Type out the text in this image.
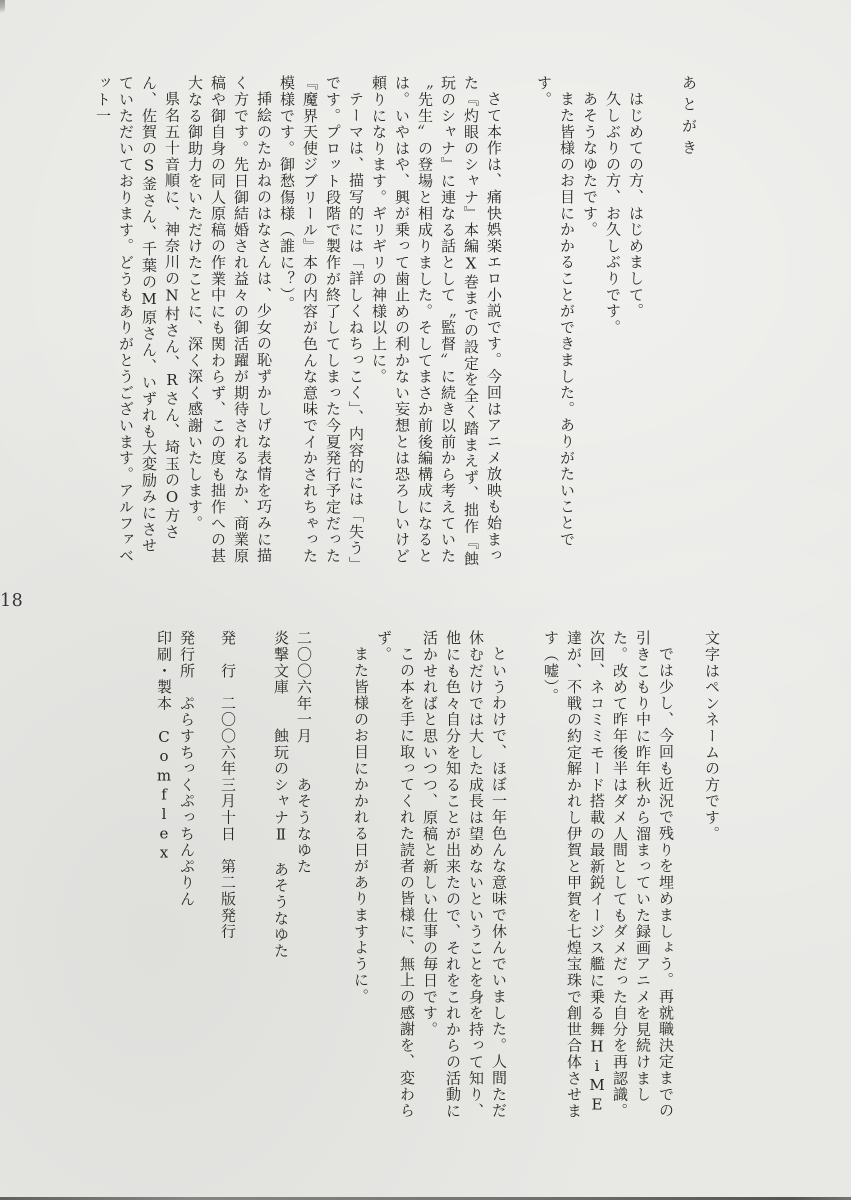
あとがき

はじめての方、はじめまして。

久しぶりの方、お久しぶりです。

あそうなゆたです。

また皆様のお目にかかることができました。ありがたいことです。

さて本作は、痛快娯楽エロ小説です。今回はアニメ放映も始まった『灼眼のシャナ』本編X巻までの設定を全く踏まえず、拙作『蝕玩のシャナ』に連なる話として〝監督〟に続き以前から考えていた〝先生〟の登場と相成りました。そしてまさか前後編構成になるとは。いやはや、興が乗って歯止めの利かない妄想とは恐ろしいけど頼りになります。ギリギリの神様以上に。

テーマは、描写的には「詳しくねちっこく」、内容的には「失う」です。プロット段階で製作が終了してしまった今夏発行予定だった『魔界天使ジブリール』本の内容が色んな意味でイかされちゃった模様です。御愁傷様（誰に？）。

挿絵のたかねのはなさんは、少女の恥ずかしげな表情を巧みに描く方です。先日御結婚され益々の御活躍が期待されるなか、商業原稿や御自身の同人原稿の作業中にも関わらず、この度も拙作への甚大なる御助力をいただけたことに、深く深く感謝いたします。

県名五十音順に、神奈川のN村さん、Rさん、埼玉のO方さん、佐賀のS釜さん、千葉のM原さん、いずれも大変励みにさせていただいております。どうもありがとうございます。アルファベット一

18

文字はペンネームの方です。

では少し、今回も近況で残りを埋めましょう。再就職決定までの引きこもり中に昨年秋から溜まっていた録画アニメを見続けました。改めて昨年後半はダメ人間としてもダメだった自分を再認識。次回、ネコミミモード搭載の最新鋭イージス艦に乗る舞HiME達が、不戦の約定解かれし伊賀と甲賀を七煌宝珠で創世合体させます（嘘）。

というわけで、ほぼ一年色んな意味で休んでいました。人間ただ休むだけでは大した成長は望めないということを身を持って知り、他にも色々自分を知ることが出来たので、それをこれからの活動に活かせればと思いつつ、原稿と新しい仕事の毎日です。

この本を手に取ってくれた読者の皆様に、無上の感謝を、変わらず。

また皆様のお目にかかれる日がありますように。

二〇〇六年一月　　あそうなゆた

炎撃文庫　　蝕玩のシャナⅡ　あそうなゆた

発　行　二〇〇六年三月十日　第二版発行

発行所　ぷらすちっくぷっちんぷりん

印刷・製本　Comflex
